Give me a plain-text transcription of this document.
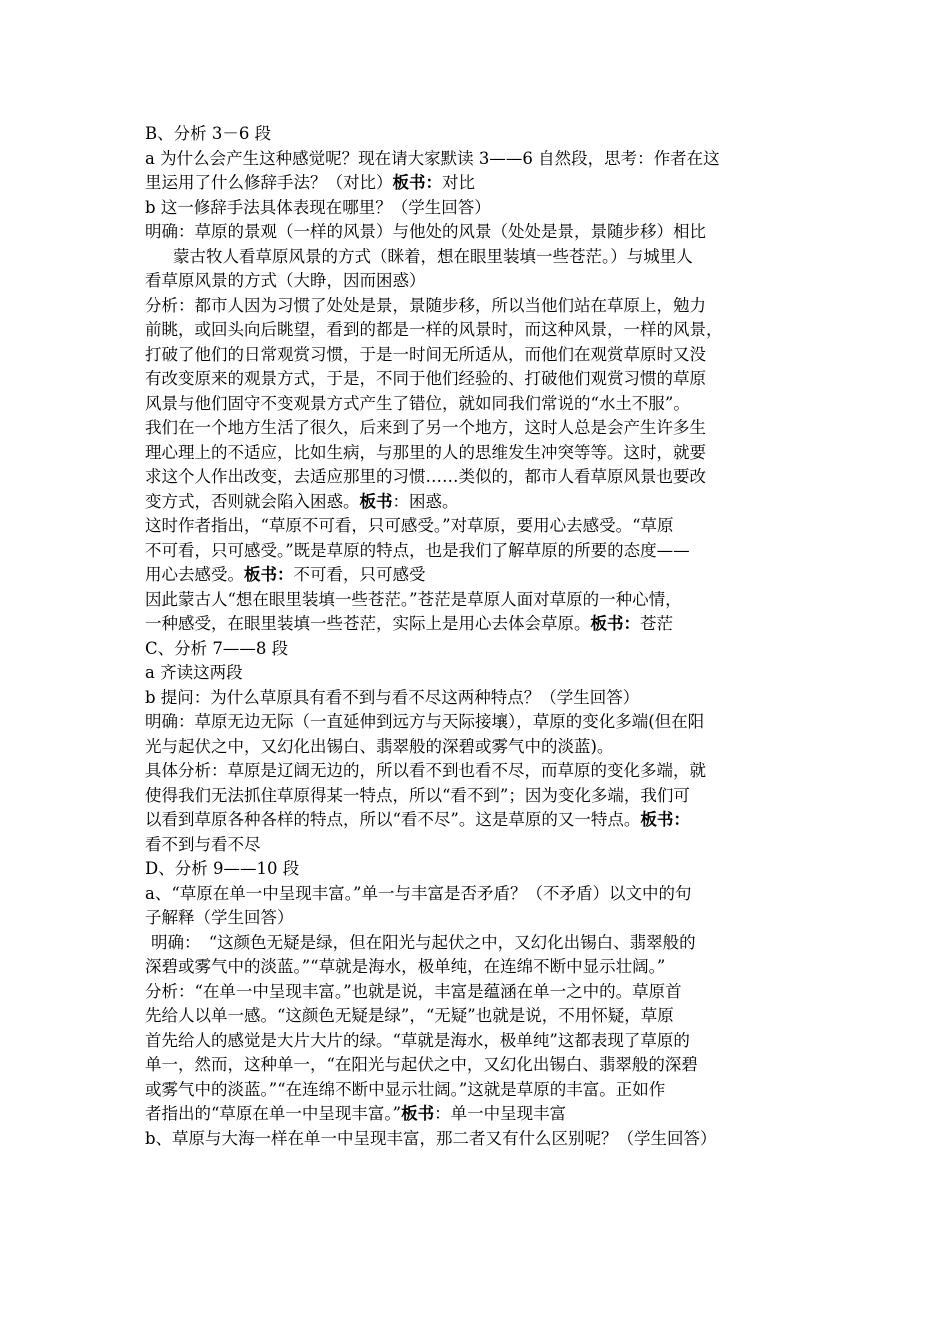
B、分析 3－6 段
a 为什么会产生这种感觉呢？现在请大家默读 3——6 自然段，思考：作者在这
里运用了什么修辞手法？（对比）板书：对比
b 这一修辞手法具体表现在哪里？（学生回答）
明确：草原的景观（一样的风景）与他处的风景（处处是景，景随步移）相比
蒙古牧人看草原风景的方式（眯着，想在眼里装填一些苍茫。）与城里人
看草原风景的方式（大睁，因而困惑）
分析：都市人因为习惯了处处是景，景随步移，所以当他们站在草原上，勉力
前眺，或回头向后眺望，看到的都是一样的风景时，而这种风景，一样的风景，
打破了他们的日常观赏习惯，于是一时间无所适从，而他们在观赏草原时又没
有改变原来的观景方式，于是，不同于他们经验的、打破他们观赏习惯的草原
风景与他们固守不变观景方式产生了错位，就如同我们常说的“水土不服”。
我们在一个地方生活了很久，后来到了另一个地方，这时人总是会产生许多生
理心理上的不适应，比如生病，与那里的人的思维发生冲突等等。这时，就要
求这个人作出改变，去适应那里的习惯……类似的，都市人看草原风景也要改
变方式，否则就会陷入困惑。板书：困惑。
这时作者指出，“草原不可看，只可感受。”对草原，要用心去感受。“草原
不可看，只可感受。”既是草原的特点，也是我们了解草原的所要的态度——
用心去感受。板书：不可看，只可感受
因此蒙古人“想在眼里装填一些苍茫。”苍茫是草原人面对草原的一种心情，
一种感受，在眼里装填一些苍茫，实际上是用心去体会草原。板书：苍茫
C、分析 7——8 段
a 齐读这两段
b 提问：为什么草原具有看不到与看不尽这两种特点？（学生回答）
明确：草原无边无际（一直延伸到远方与天际接壤），草原的变化多端(但在阳
光与起伏之中，又幻化出锡白、翡翠般的深碧或雾气中的淡蓝)。
具体分析：草原是辽阔无边的，所以看不到也看不尽，而草原的变化多端，就
使得我们无法抓住草原得某一特点，所以“看不到”；因为变化多端，我们可
以看到草原各种各样的特点，所以“看不尽”。这是草原的又一特点。板书：
看不到与看不尽
D、分析 9——10 段
a、“草原在单一中呈现丰富。”单一与丰富是否矛盾？（不矛盾）以文中的句
子解释（学生回答）
明确：　“这颜色无疑是绿，但在阳光与起伏之中，又幻化出锡白、翡翠般的
深碧或雾气中的淡蓝。”“草就是海水，极单纯，在连绵不断中显示壮阔。”
分析：“在单一中呈现丰富。”也就是说，丰富是蕴涵在单一之中的。草原首
先给人以单一感。“这颜色无疑是绿”，“无疑”也就是说，不用怀疑，草原
首先给人的感觉是大片大片的绿。“草就是海水，极单纯”这都表现了草原的
单一，然而，这种单一，“在阳光与起伏之中，又幻化出锡白、翡翠般的深碧
或雾气中的淡蓝。”“在连绵不断中显示壮阔。”这就是草原的丰富。正如作
者指出的“草原在单一中呈现丰富。”板书：单一中呈现丰富
b、草原与大海一样在单一中呈现丰富，那二者又有什么区别呢？（学生回答）
